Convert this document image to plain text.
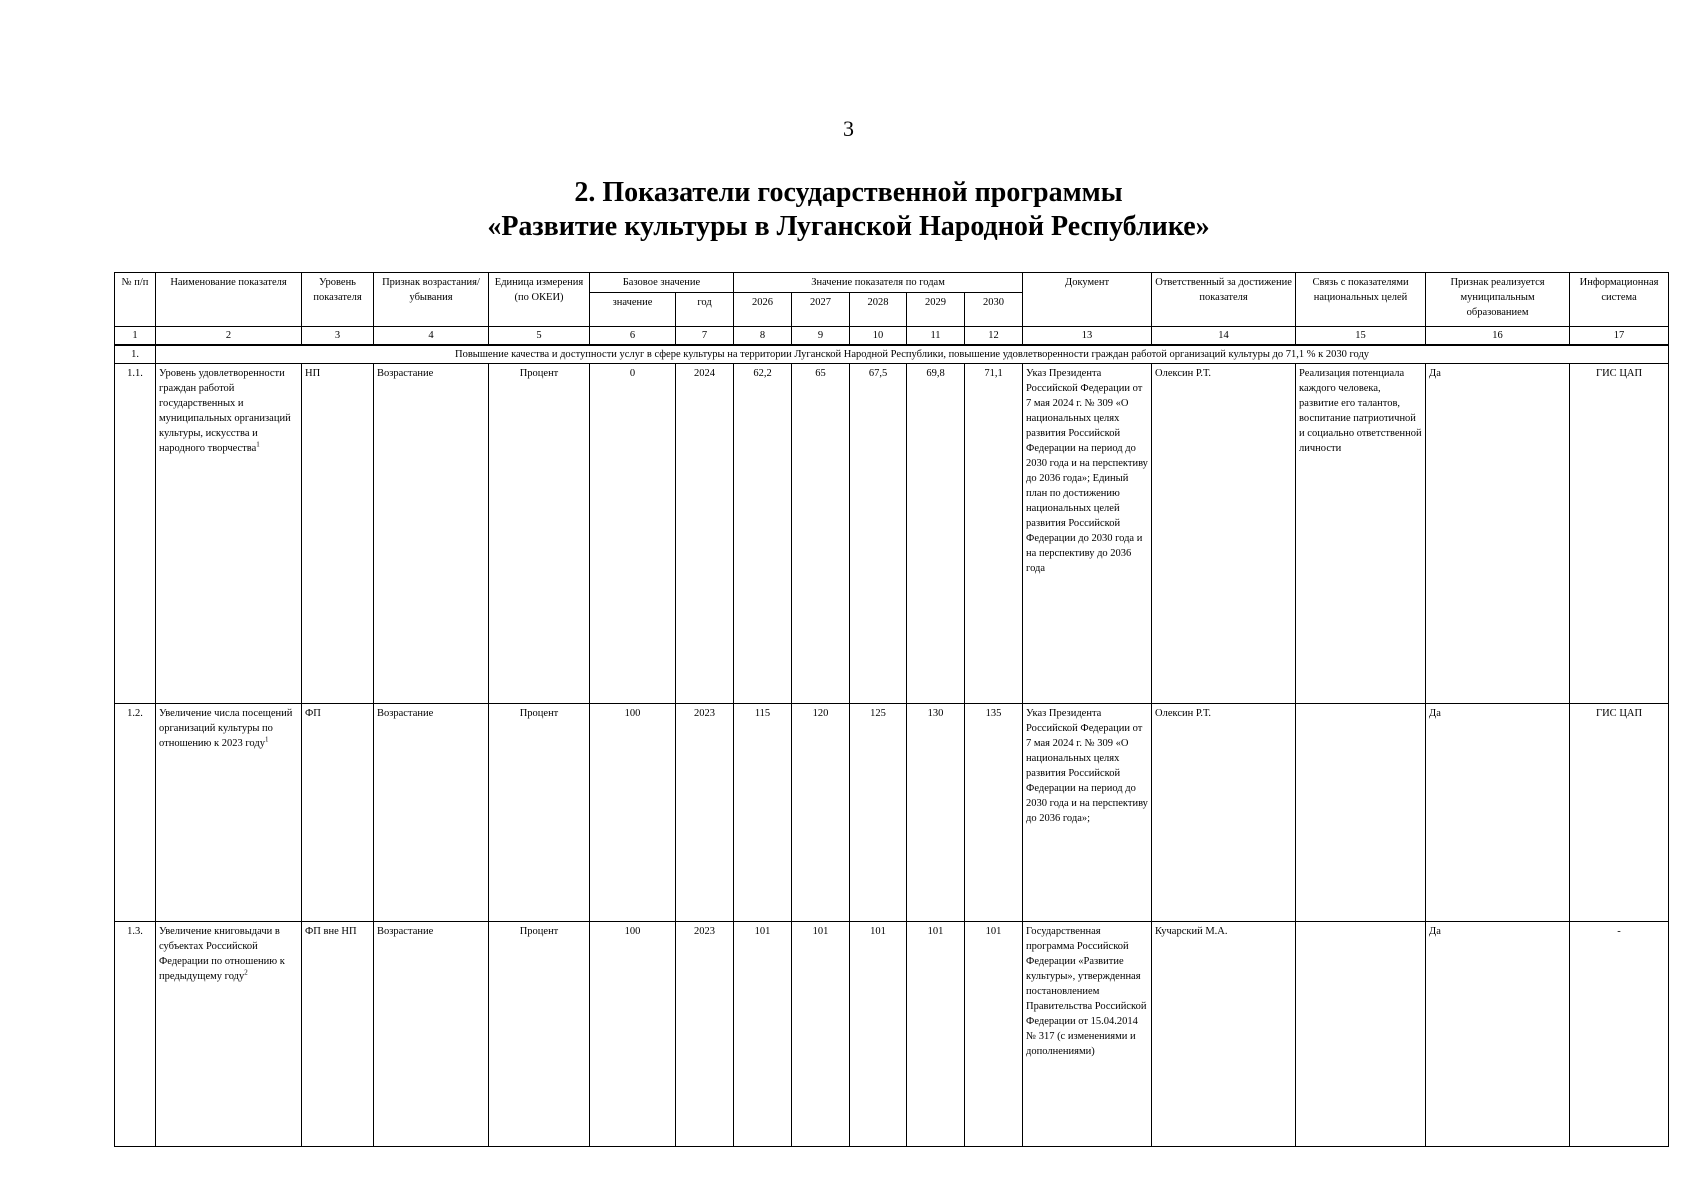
3
2. Показатели государственной программы
«Развитие культуры в Луганской Народной Республике»
№ п/п	Наименование показателя	Уровень показателя	Признак возрастания/ убывания	Единица измерения (по ОКЕИ)	Базовое значение		Значение показателя по годам					Документ	Ответственный за достижение показателя	Связь с показателями национальных целей	Признак реализуется муниципальным образованием	Информационная система
					значение	год	2026	2027	2028	2029	2030					
1	2	3	4	5	6	7	8	9	10	11	12	13	14	15	16	17
1.	Повышение качества и доступности услуг в сфере культуры на территории Луганской Народной Республики, повышение удовлетворенности граждан работой организаций культуры до 71,1 % к 2030 году															
1.1.	Уровень удовлетворенности граждан работой государственных и муниципальных организаций культуры, искусства и народного творчества$^1$	НП	Возрастание	Процент	0	2024	62,2	65	67,5	69,8	71,1	Указ Президента Российской Федерации от 7 мая 2024 г. № 309 «О национальных целях развития Российской Федерации на период до 2030 года и на перспективу до 2036 года»; Единый план по достижению национальных целей развития Российской Федерации до 2030 года и на перспективу до 2036 года	Олексин Р.Т.	Реализация потенциала каждого человека, развитие его талантов, воспитание патриотичной и социально ответственной личности	Да	ГИС ЦАП
1.2.	Увеличение числа посещений организаций культуры по отношению к 2023 году$^1$	ФП	Возрастание	Процент	100	2023	115	120	125	130	135	Указ Президента Российской Федерации от 7 мая 2024 г. № 309 «О национальных целях развития Российской Федерации на период до 2030 года и на перспективу до 2036 года»;	Олексин Р.Т.		Да	ГИС ЦАП
1.3.	Увеличение книговыдачи в субъектах Российской Федерации по отношению к предыдущему году$^2$	ФП вне НП	Возрастание	Процент	100	2023	101	101	101	101	101	Государственная программа Российской Федерации «Развитие культуры», утвержденная постановлением Правительства Российской Федерации от 15.04.2014 № 317 (с изменениями и дополнениями)	Кучарский М.А.		Да	-
